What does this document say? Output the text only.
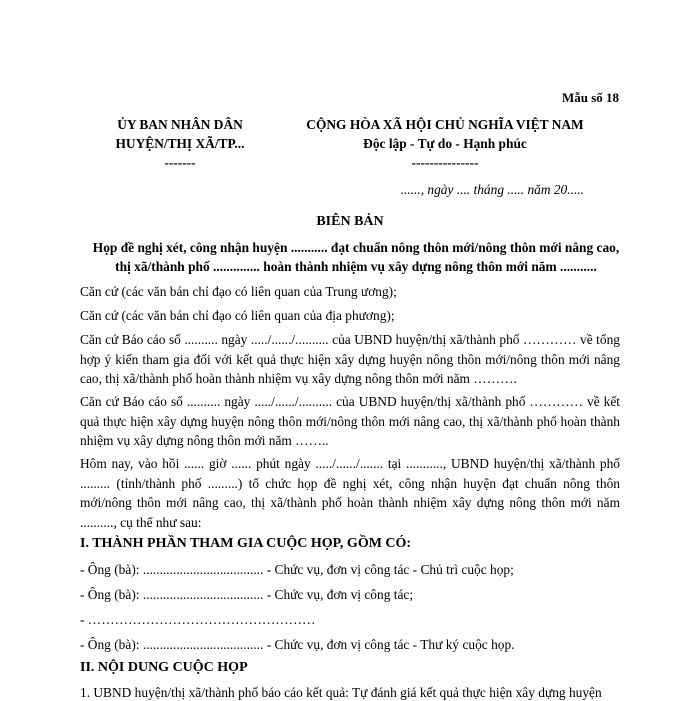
Mẫu số 18
ỦY BAN NHÂN DÂN
HUYỆN/THỊ XÃ/TP...
-------
CỘNG HÒA XÃ HỘI CHỦ NGHĨA VIỆT NAM
Độc lập - Tự do - Hạnh phúc
---------------
......, ngày .... tháng ..... năm 20.....
BIÊN BẢN
Họp đề nghị xét, công nhận huyện ........... đạt chuẩn nông thôn mới/nông thôn mới nâng cao, thị xã/thành phố .............. hoàn thành nhiệm vụ xây dựng nông thôn mới năm ...........
Căn cứ (các văn bản chỉ đạo có liên quan của Trung ương);
Căn cứ (các văn bản chỉ đạo có liên quan của địa phương);
Căn cứ Báo cáo số .......... ngày ...../....../.......... của UBND huyện/thị xã/thành phố ………… về tổng hợp ý kiến tham gia đối với kết quả thực hiện xây dựng huyện nông thôn mới/nông thôn mới nâng cao, thị xã/thành phố hoàn thành nhiệm vụ xây dựng nông thôn mới năm ……….
Căn cứ Báo cáo số .......... ngày ...../....../.......... của UBND huyện/thị xã/thành phố ………… về kết quả thực hiện xây dựng huyện nông thôn mới/nông thôn mới nâng cao, thị xã/thành phố hoàn thành nhiệm vụ xây dựng nông thôn mới năm ……..
Hôm nay, vào hồi ...... giờ ...... phút ngày ...../....../....... tại ..........., UBND huyện/thị xã/thành phố ......... (tỉnh/thành phố .........) tổ chức họp đề nghị xét, công nhận huyện đạt chuẩn nông thôn mới/nông thôn mới nâng cao, thị xã/thành phố hoàn thành nhiệm xây dựng nông thôn mới năm .........., cụ thể như sau:
I. THÀNH PHẦN THAM GIA CUỘC HỌP, GỒM CÓ:
- Ông (bà): .................................... - Chức vụ, đơn vị công tác - Chủ trì cuộc họp;
- Ông (bà): .................................... - Chức vụ, đơn vị công tác;
- ……………………………………………
- Ông (bà): .................................... - Chức vụ, đơn vị công tác - Thư ký cuộc họp.
II. NỘI DUNG CUỘC HỌP
1. UBND huyện/thị xã/thành phố báo cáo kết quả: Tự đánh giá kết quả thực hiện xây dựng huyện
